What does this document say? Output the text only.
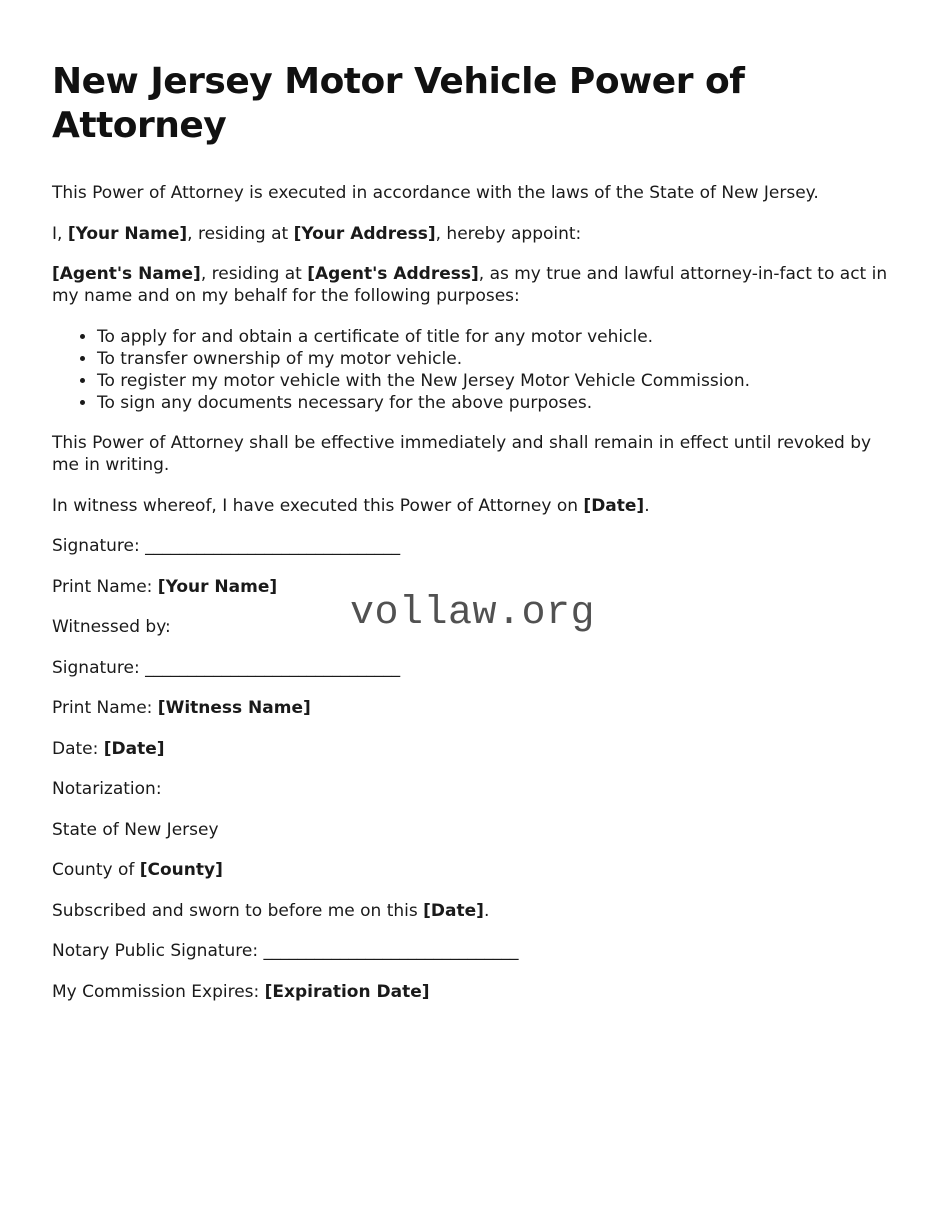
New Jersey Motor Vehicle Power of Attorney

This Power of Attorney is executed in accordance with the laws of the State of New Jersey.

I, [Your Name], residing at [Your Address], hereby appoint:

[Agent's Name], residing at [Agent's Address], as my true and lawful attorney-in-fact to act in my name and on my behalf for the following purposes:

• To apply for and obtain a certificate of title for any motor vehicle.
• To transfer ownership of my motor vehicle.
• To register my motor vehicle with the New Jersey Motor Vehicle Commission.
• To sign any documents necessary for the above purposes.

This Power of Attorney shall be effective immediately and shall remain in effect until revoked by me in writing.

In witness whereof, I have executed this Power of Attorney on [Date].

Signature: ______________________________

Print Name: [Your Name]

Witnessed by:

Signature: ______________________________

Print Name: [Witness Name]

Date: [Date]

Notarization:

State of New Jersey

County of [County]

Subscribed and sworn to before me on this [Date].

Notary Public Signature: ______________________________

My Commission Expires: [Expiration Date]

vollaw.org
